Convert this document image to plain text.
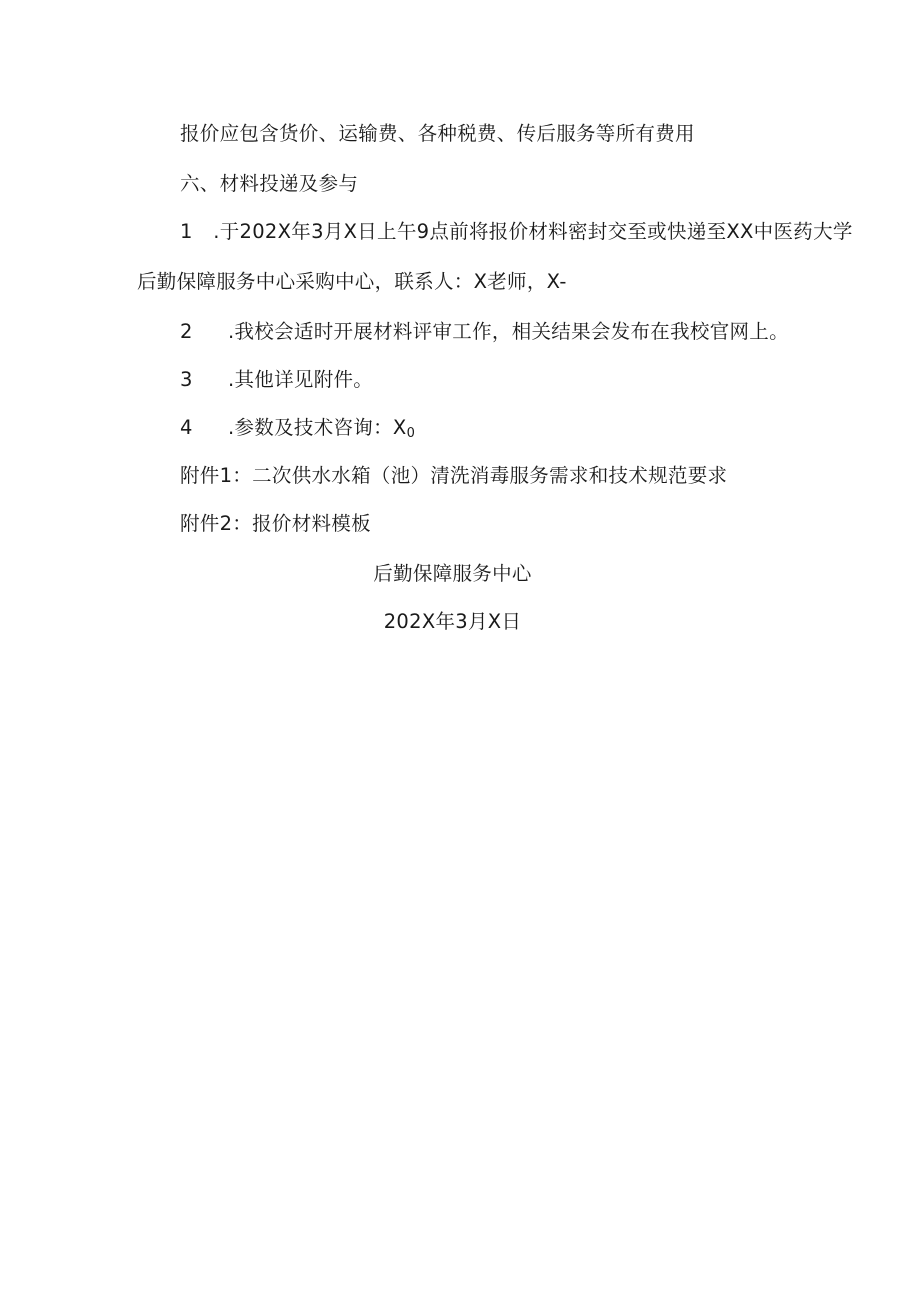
报价应包含货价、运输费、各种税费、传后服务等所有费用
六、材料投递及参与
1 .于202X年3月X日上午9点前将报价材料密封交至或快递至XX中医药大学
后勤保障服务中心采购中心，联系人：X老师，X-
2 .我校会适时开展材料评审工作，相关结果会发布在我校官网上。
3 .其他详见附件。
4 .参数及技术咨询：$X_0$
附件1：二次供水水箱（池）清洗消毒服务需求和技术规范要求
附件2：报价材料模板
后勤保障服务中心
202X年3月X日
